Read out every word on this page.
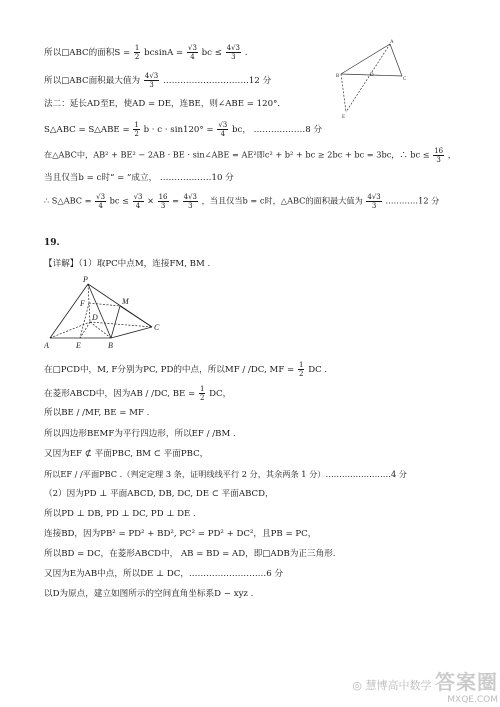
所以□ABC的面积$S = \frac{1}{2}$ $bcsinA = \frac{√3}{4}$ bc ≤ $\frac{4√3}{3}$ .
所以□ABC面积最大值为 $\frac{4√3}{3}$ …………………………12 分
法二：延长AD至E，使AD = DE，连BE，则∠ABE = 120°.
S△ABC = S△ABE = $\frac{1}{2}$ $b \cdot c \cdot \sin 120^\circ = \frac{√3}{4}$ bc， ………………8 分
在△ABC中，AB² + BE² − 2AB · BE · sin∠ABE = AE²即c² + b² + bc ≥ 2bc + bc = 3bc，∴ bc ≤ $\frac{16}{3}$ ，
当且仅当b = c时“ = ”成立， ………………10 分
∴ S△ABC = $\frac{√3}{4}$ bc ≤ $\frac{√3}{4} \times \frac{16}{3} = \frac{4√3}{3}$ ，当且仅当b = c时，△ABC的面积最大值为 $\frac{4√3}{3}$ …………12 分
A
B
C
D
E
19.
【详解】（1）取PC中点M，连接FM, BM .
P
M
F
D
A	E	B
C
在□PCD中，M, F分别为PC, PD的中点，所以MF / /DC, MF = $\frac{1}{2}$ DC .
在菱形ABCD中，因为AB / /DC, BE = $\frac{1}{2}$ DC，
所以BE / /MF, BE = MF .
所以四边形BEMF为平行四边形，所以EF / /BM .
又因为EF ⊄ 平面PBC, BM ⊂ 平面PBC，
所以EF / /平面PBC .（判定定理 3 条，证明线线平行 2 分，其余两条 1 分）……………………4 分
（2）因为PD ⊥ 平面ABCD, DB, DC, DE ⊂ 平面ABCD，
所以PD ⊥ DB, PD ⊥ DC, PD ⊥ DE .
连接BD，因为PB² = PD² + BD², PC² = PD² + DC²，且PB = PC，
所以BD = DC，在菱形ABCD中， AB = BD = AD，即□ADB为正三角形.
又因为E为AB中点，所以DE ⊥ DC，………………………6 分
以D为原点，建立如图所示的空间直角坐标系D − xyz .
◎ 慧博高中数学 答案圈
MXQE.COM
